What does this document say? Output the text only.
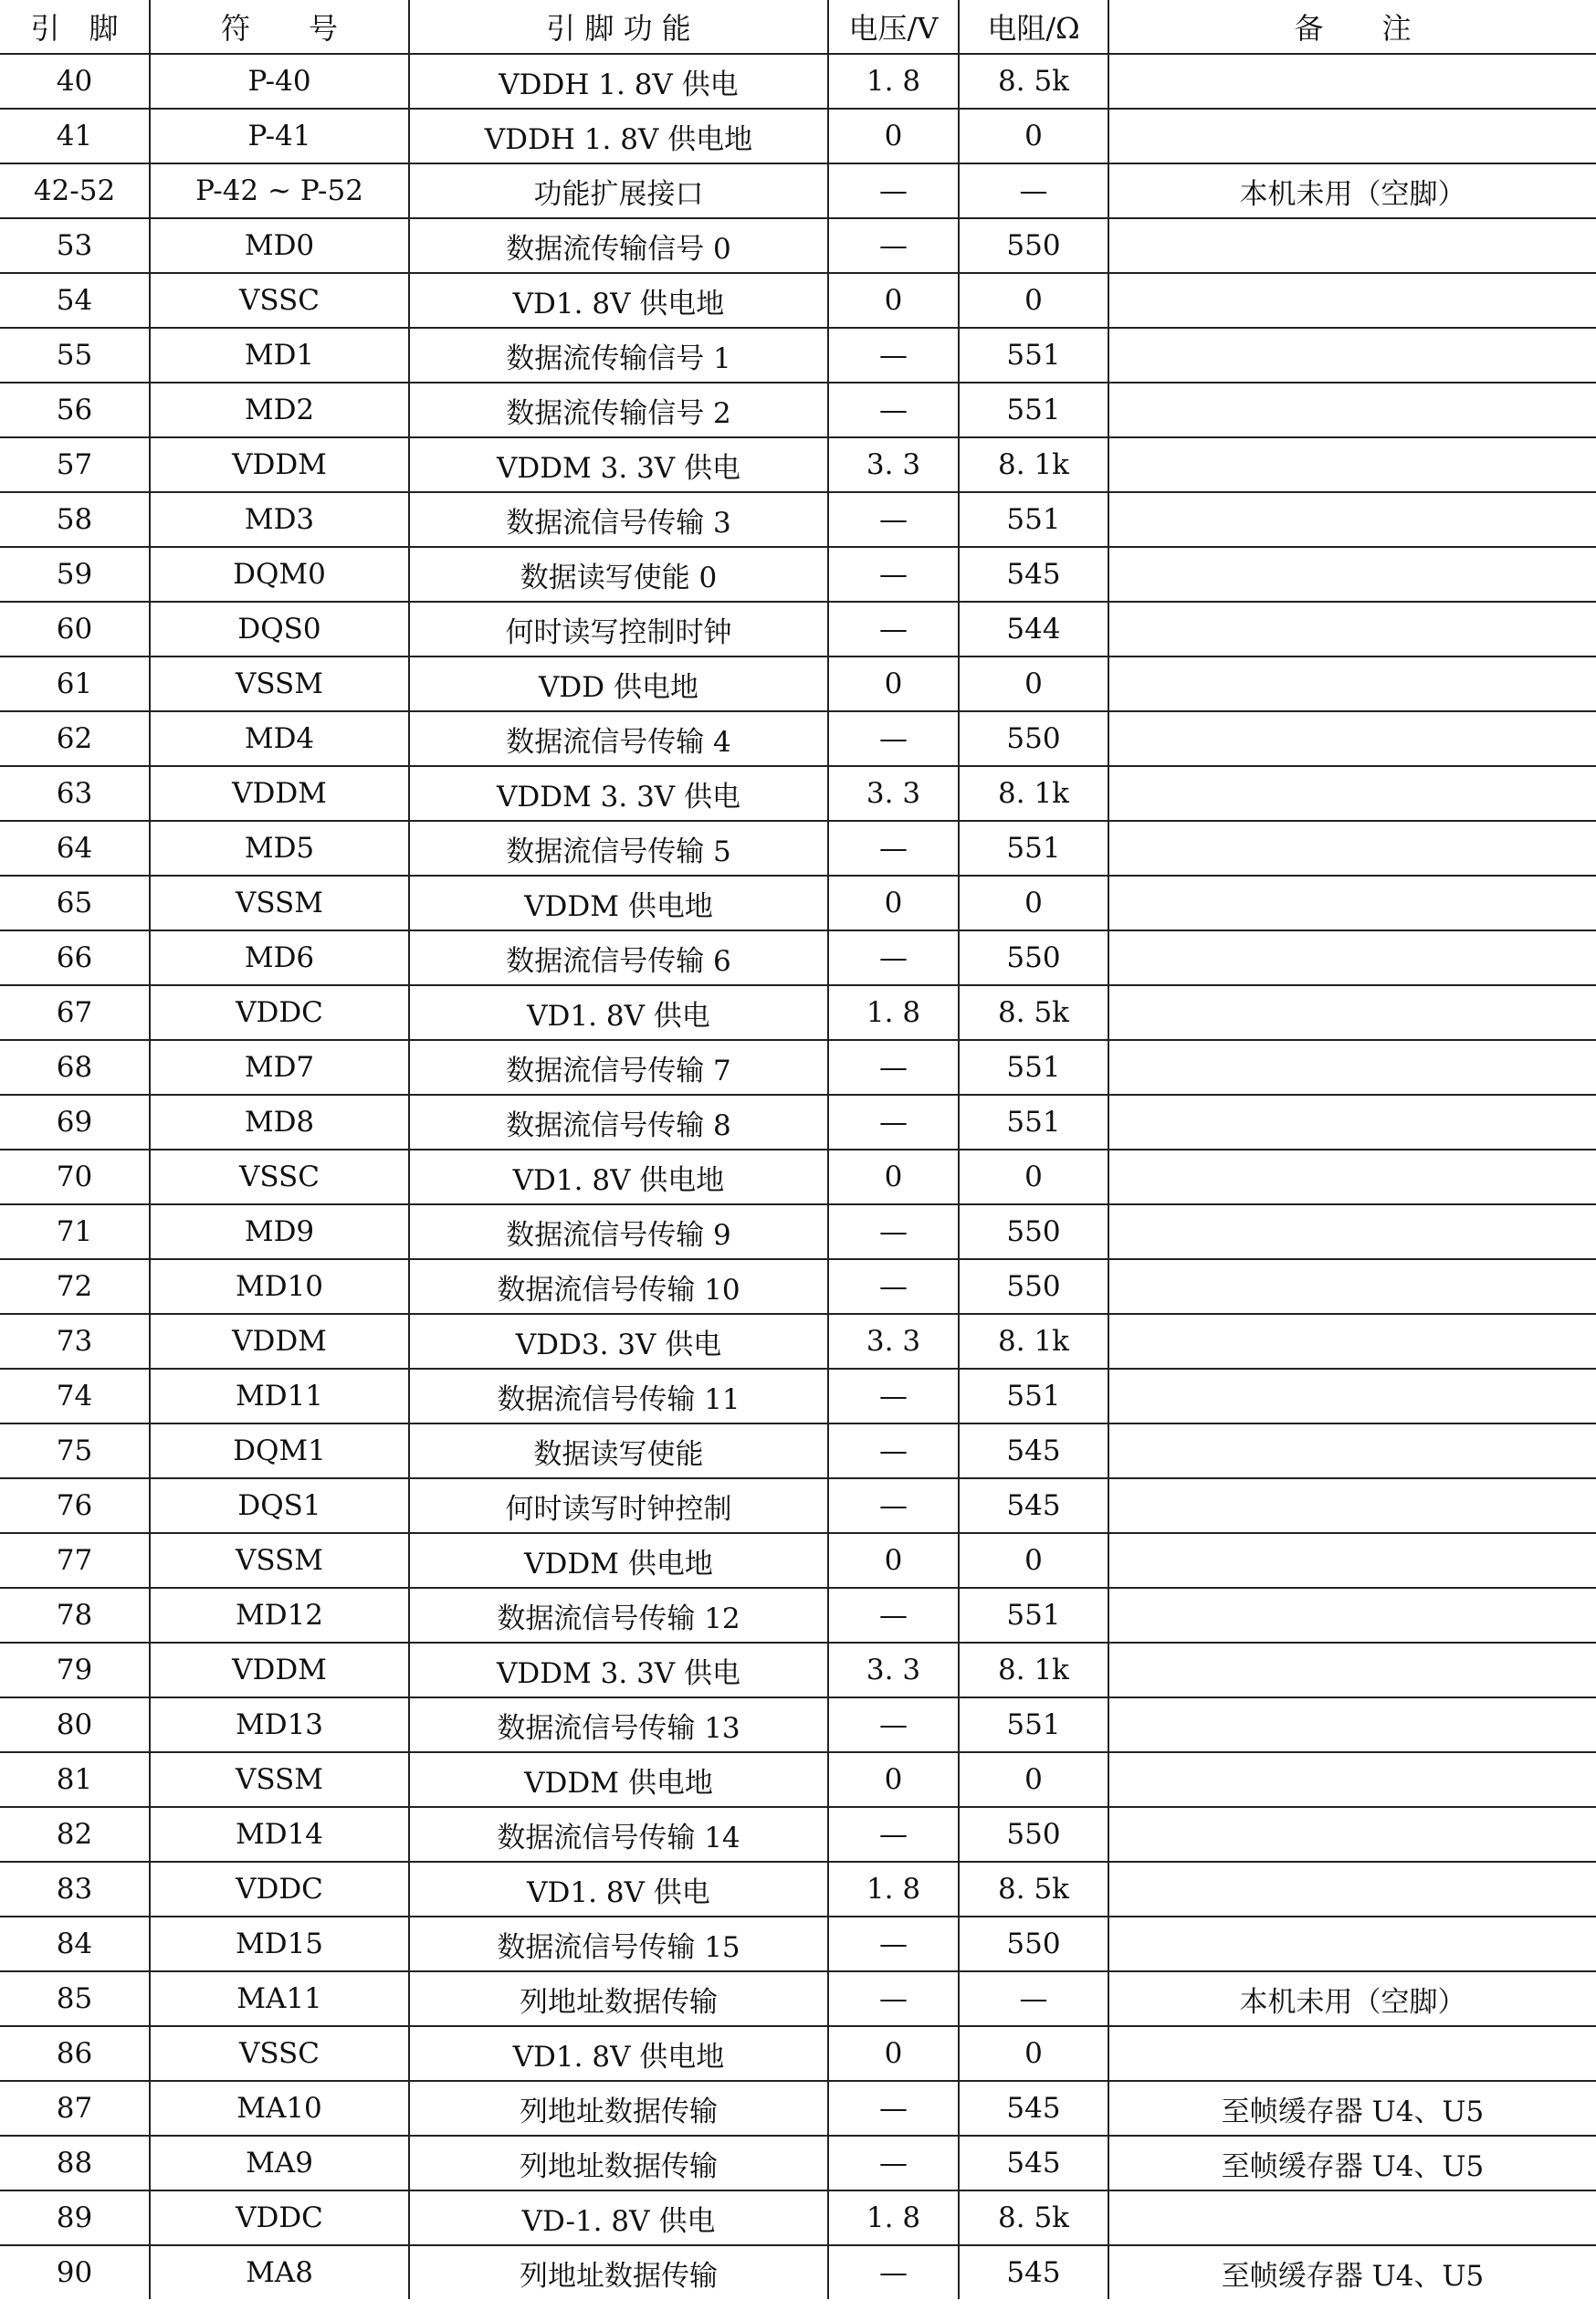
引　脚	符　　号	引 脚 功 能	电压/V	电阻/Ω	备　　注
40	P-40	VDDH 1. 8V 供电	1. 8	8. 5k	
41	P-41	VDDH 1. 8V 供电地	0	0	
42-52	P-42 ~ P-52	功能扩展接口	—	—	本机未用（空脚）
53	MD0	数据流传输信号 0	—	550	
54	VSSC	VD1. 8V 供电地	0	0	
55	MD1	数据流传输信号 1	—	551	
56	MD2	数据流传输信号 2	—	551	
57	VDDM	VDDM 3. 3V 供电	3. 3	8. 1k	
58	MD3	数据流信号传输 3	—	551	
59	DQM0	数据读写使能 0	—	545	
60	DQS0	何时读写控制时钟	—	544	
61	VSSM	VDD 供电地	0	0	
62	MD4	数据流信号传输 4	—	550	
63	VDDM	VDDM 3. 3V 供电	3. 3	8. 1k	
64	MD5	数据流信号传输 5	—	551	
65	VSSM	VDDM 供电地	0	0	
66	MD6	数据流信号传输 6	—	550	
67	VDDC	VD1. 8V 供电	1. 8	8. 5k	
68	MD7	数据流信号传输 7	—	551	
69	MD8	数据流信号传输 8	—	551	
70	VSSC	VD1. 8V 供电地	0	0	
71	MD9	数据流信号传输 9	—	550	
72	MD10	数据流信号传输 10	—	550	
73	VDDM	VDD3. 3V 供电	3. 3	8. 1k	
74	MD11	数据流信号传输 11	—	551	
75	DQM1	数据读写使能	—	545	
76	DQS1	何时读写时钟控制	—	545	
77	VSSM	VDDM 供电地	0	0	
78	MD12	数据流信号传输 12	—	551	
79	VDDM	VDDM 3. 3V 供电	3. 3	8. 1k	
80	MD13	数据流信号传输 13	—	551	
81	VSSM	VDDM 供电地	0	0	
82	MD14	数据流信号传输 14	—	550	
83	VDDC	VD1. 8V 供电	1. 8	8. 5k	
84	MD15	数据流信号传输 15	—	550	
85	MA11	列地址数据传输	—	—	本机未用（空脚）
86	VSSC	VD1. 8V 供电地	0	0	
87	MA10	列地址数据传输	—	545	至帧缓存器 U4、U5
88	MA9	列地址数据传输	—	545	至帧缓存器 U4、U5
89	VDDC	VD-1. 8V 供电	1. 8	8. 5k	
90	MA8	列地址数据传输	—	545	至帧缓存器 U4、U5
